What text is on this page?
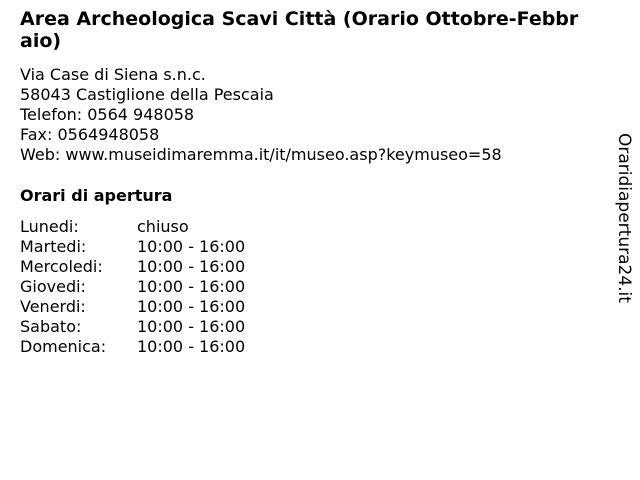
Area Archeologica Scavi Città (Orario Ottobre-Febbraio)
Via Case di Siena s.n.c.
58043 Castiglione della Pescaia
Telefon: 0564 948058
Fax: 0564948058
Web: www.museidimaremma.it/it/museo.asp?keymuseo=58
Orari di apertura
Lunedi:	chiuso
Martedi:	10:00 - 16:00
Mercoledi:	10:00 - 16:00
Giovedi:	10:00 - 16:00
Venerdi:	10:00 - 16:00
Sabato:	10:00 - 16:00
Domenica:	10:00 - 16:00
Oraridiapertura24.it
